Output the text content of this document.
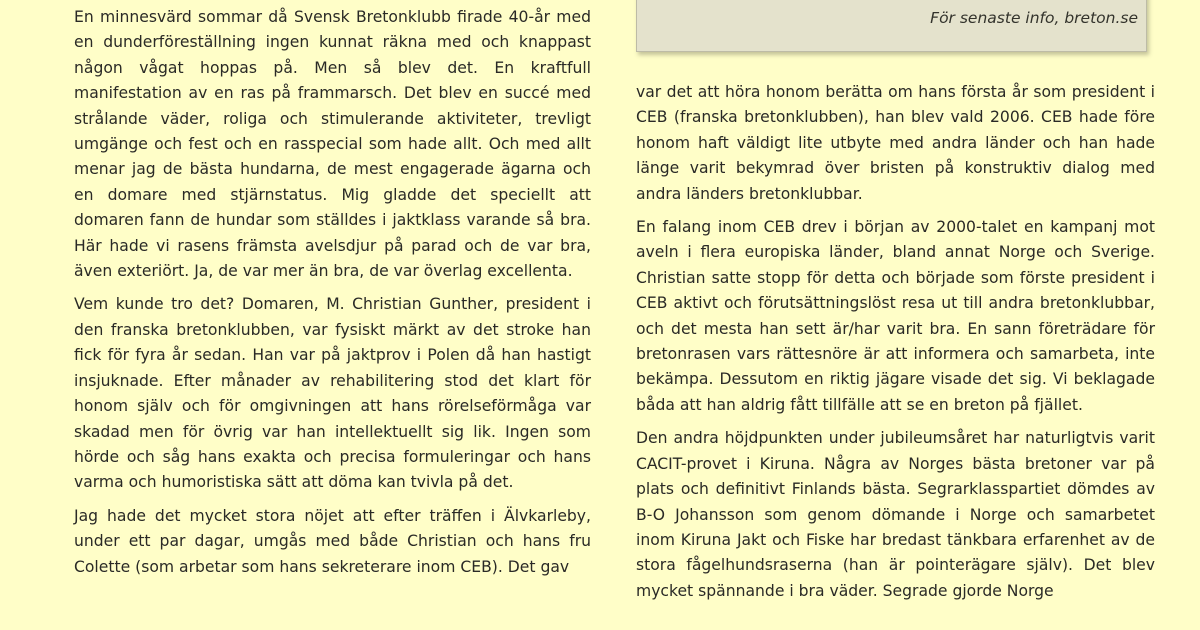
En minnesvärd sommar då Svensk Bretonklubb firade 40-år med en dunderföreställning ingen kunnat räkna med och knappast någon vågat hoppas på. Men så blev det. En kraftfull manifestation av en ras på frammarsch. Det blev en succé med strålande väder, roliga och stimulerande aktiviteter, trevligt umgänge och fest och en rasspecial som hade allt. Och med allt menar jag de bästa hundarna, de mest engagerade ägarna och en domare med stjärnstatus. Mig gladde det speciellt att domaren fann de hundar som ställdes i jaktklass varande så bra. Här hade vi rasens främsta avelsdjur på parad och de var bra, även exteriört. Ja, de var mer än bra, de var överlag excellenta.

Vem kunde tro det? Domaren, M. Christian Gunther, president i den franska bretonklubben, var fysiskt märkt av det stroke han fick för fyra år sedan. Han var på jaktprov i Polen då han hastigt insjuknade. Efter månader av rehabilitering stod det klart för honom själv och för omgivningen att hans rörelseförmåga var skadad men för övrig var han intellektuellt sig lik. Ingen som hörde och såg hans exakta och precisa formuleringar och hans varma och humoristiska sätt att döma kan tvivla på det.

Jag hade det mycket stora nöjet att efter träffen i Älvkarleby, under ett par dagar, umgås med både Christian och hans fru Colette (som arbetar som hans sekreterare inom CEB). Det gav

För senaste info, breton.se

var det att höra honom berätta om hans första år som president i CEB (franska bretonklubben), han blev vald 2006. CEB hade före honom haft väldigt lite utbyte med andra länder och han hade länge varit bekymrad över bristen på konstruktiv dialog med andra länders bretonklubbar.

En falang inom CEB drev i början av 2000-talet en kampanj mot aveln i flera europiska länder, bland annat Norge och Sverige. Christian satte stopp för detta och började som förste president i CEB aktivt och förutsättningslöst resa ut till andra bretonklubbar, och det mesta han sett är/har varit bra. En sann företrädare för bretonrasen vars rättesnöre är att informera och samarbeta, inte bekämpa. Dessutom en riktig jägare visade det sig. Vi beklagade båda att han aldrig fått tillfälle att se en breton på fjället.

Den andra höjdpunkten under jubileumsåret har naturligtvis varit CACIT-provet i Kiruna. Några av Norges bästa bretoner var på plats och definitivt Finlands bästa. Segrarklasspartiet dömdes av B-O Johansson som genom dömande i Norge och samarbetet inom Kiruna Jakt och Fiske har bredast tänkbara erfarenhet av de stora fågelhundsraserna (han är pointerägare själv). Det blev mycket spännande i bra väder. Segrade gjorde Norge
